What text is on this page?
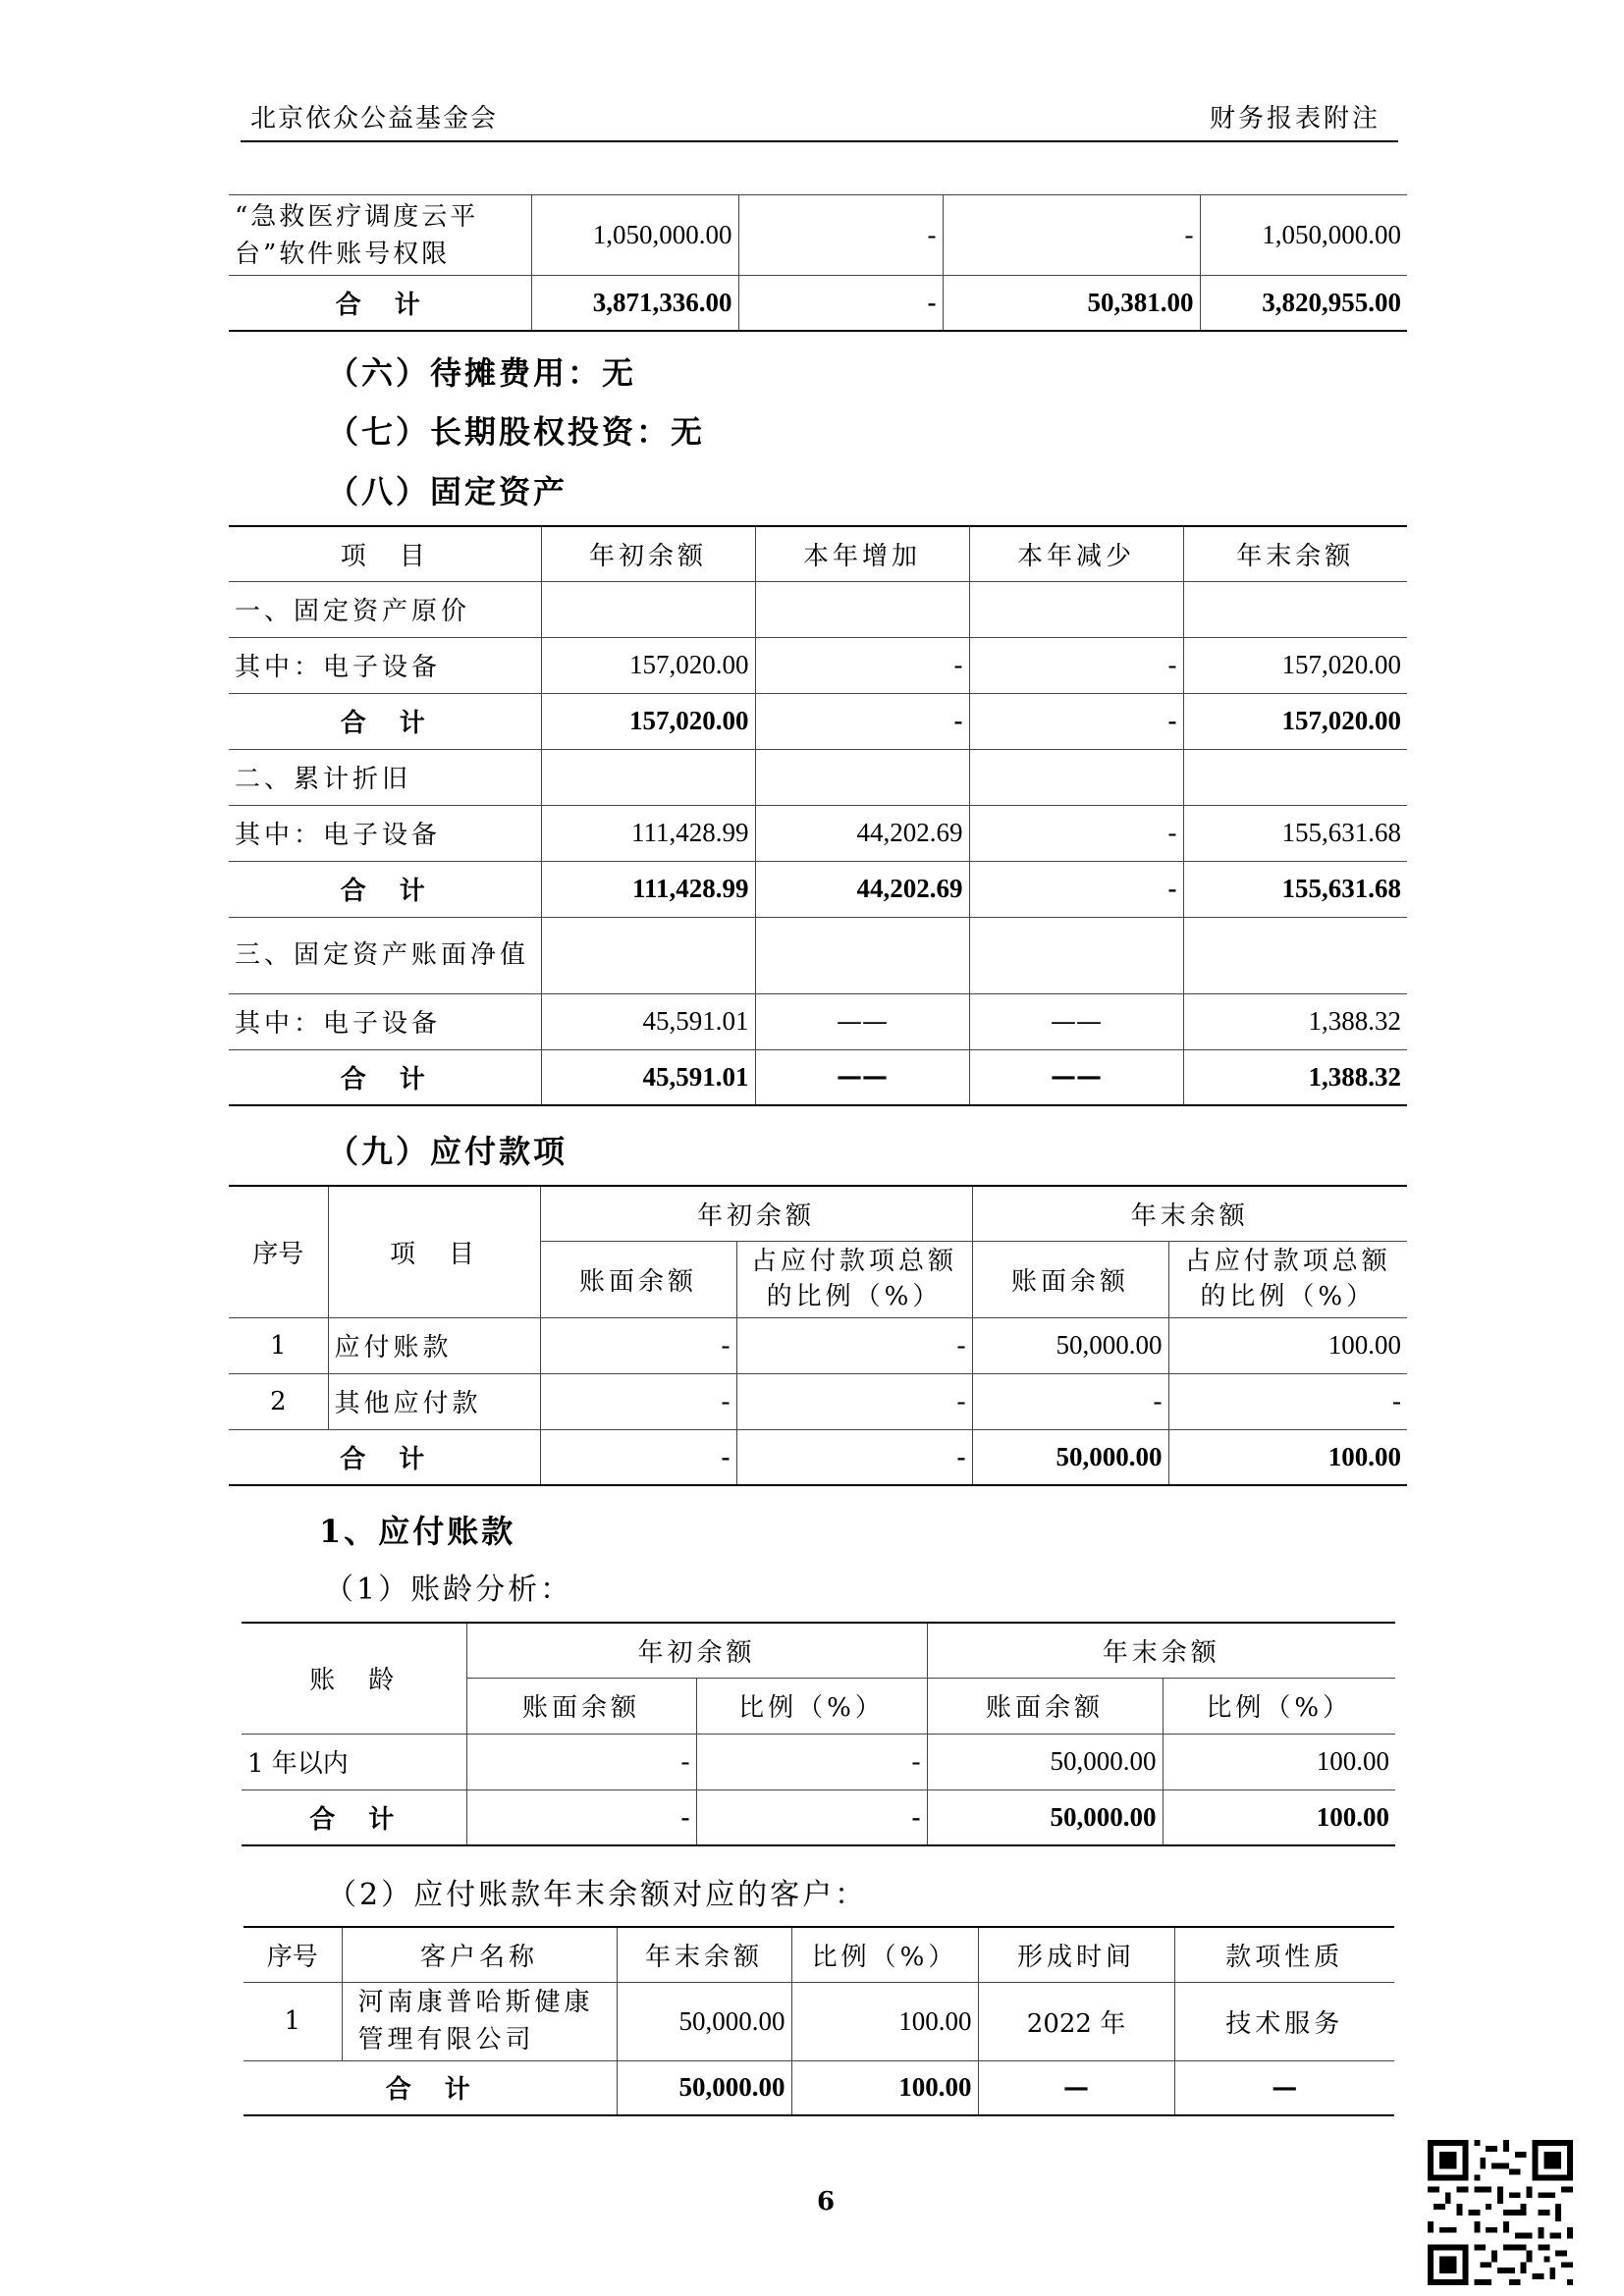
北京依众公益基金会	财务报表附注
“急救医疗调度云平台”软件账号权限	1,050,000.00	-	-	1,050,000.00
合　计	3,871,336.00	-	50,381.00	3,820,955.00
（六）待摊费用：无
（七）长期股权投资：无
（八）固定资产
项　目	年初余额	本年增加	本年减少	年末余额
一、固定资产原价				
其中：电子设备	157,020.00	-	-	157,020.00
合　计	157,020.00	-	-	157,020.00
二、累计折旧				
其中：电子设备	111,428.99	44,202.69	-	155,631.68
合　计	111,428.99	44,202.69	-	155,631.68
三、固定资产账面净值				
其中：电子设备	45,591.01	——	——	1,388.32
合　计	45,591.01	——	——	1,388.32
（九）应付款项
序号	项　目	年初余额		年末余额	
		账面余额	占应付款项总额的比例（%）	账面余额	占应付款项总额的比例（%）
1	应付账款	-	-	50,000.00	100.00
2	其他应付款	-	-	-	-
合　计		-	-	50,000.00	100.00
1、应付账款
（1）账龄分析：
账　龄	年初余额		年末余额	
	账面余额	比例（%）	账面余额	比例（%）
1 年以内	-	-	50,000.00	100.00
合　计	-	-	50,000.00	100.00
（2）应付账款年末余额对应的客户：
序号	客户名称	年末余额	比例（%）	形成时间	款项性质
1	河南康普哈斯健康管理有限公司	50,000.00	100.00	2022 年	技术服务
合　计		50,000.00	100.00	—	—
6
